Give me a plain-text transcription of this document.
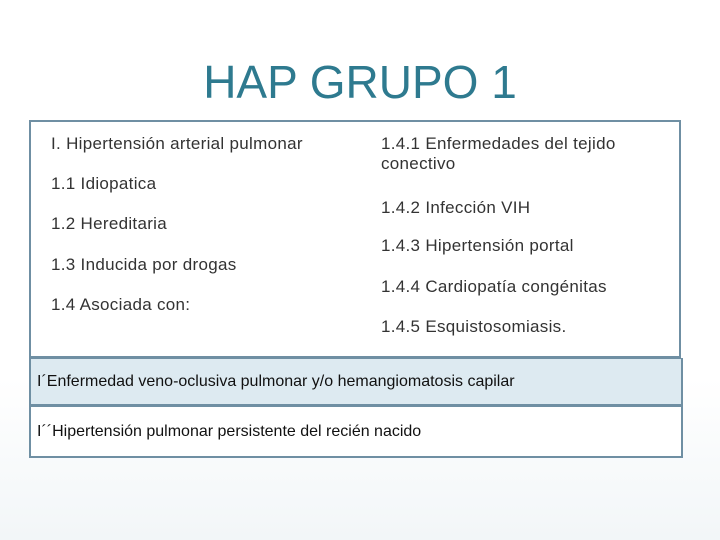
HAP GRUPO 1
I. Hipertensión arterial pulmonar
1.1 Idiopatica
1.2 Hereditaria
1.3 Inducida por drogas
1.4 Asociada con:
1.4.1 Enfermedades del tejido conectivo
1.4.2 Infección VIH
1.4.3 Hipertensión portal
1.4.4 Cardiopatía congénitas
1.4.5 Esquistosomiasis.
I´Enfermedad veno-oclusiva pulmonar y/o hemangiomatosis capilar
I´´Hipertensión pulmonar persistente del recién nacido
